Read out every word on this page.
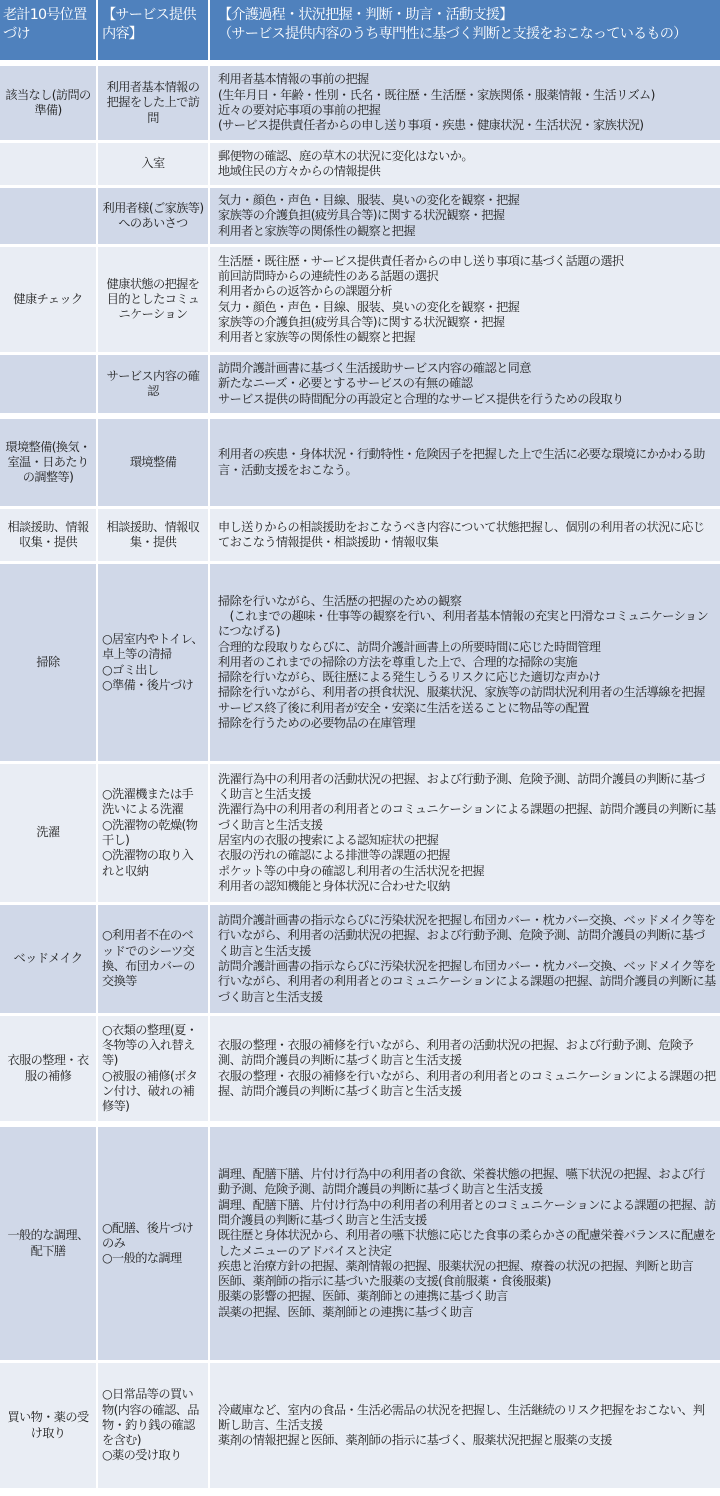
老計10号位置づけ
【サービス提供内容】
【介護過程・状況把握・判断・助言・活動支援】
（サービス提供内容のうち専門性に基づく判断と支援をおこなっているもの）
該当なし(訪問の準備)
利用者基本情報の把握をした上で訪問
利用者基本情報の事前の把握
(生年月日・年齢・性別・氏名・既往歴・生活歴・家族関係・服薬情報・生活リズム)
近々の要対応事項の事前の把握
(サービス提供責任者からの申し送り事項・疾患・健康状況・生活状況・家族状況)
入室
郵便物の確認、庭の草木の状況に変化はないか。
地域住民の方々からの情報提供
利用者様(ご家族等)へのあいさつ
気力・顔色・声色・目線、服装、臭いの変化を観察・把握
家族等の介護負担(疲労具合等)に関する状況観察・把握
利用者と家族等の関係性の観察と把握
健康チェック
健康状態の把握を目的としたコミュニケーション
生活歴・既往歴・サービス提供責任者からの申し送り事項に基づく話題の選択
前回訪問時からの連続性のある話題の選択
利用者からの返答からの課題分析
気力・顔色・声色・目線、服装、臭いの変化を観察・把握
家族等の介護負担(疲労具合等)に関する状況観察・把握
利用者と家族等の関係性の観察と把握
サービス内容の確認
訪問介護計画書に基づく生活援助サービス内容の確認と同意
新たなニーズ・必要とするサービスの有無の確認
サービス提供の時間配分の再設定と合理的なサービス提供を行うための段取り
環境整備(換気・室温・日あたりの調整等)
環境整備
利用者の疾患・身体状況・行動特性・危険因子を把握した上で生活に必要な環境にかかわる助言・活動支援をおこなう。
相談援助、情報収集・提供
相談援助、情報収集・提供
申し送りからの相談援助をおこなうべき内容について状態把握し、個別の利用者の状況に応じておこなう情報提供・相談援助・情報収集
掃除
○居室内やトイレ、卓上等の清掃
○ゴミ出し
○準備・後片づけ
掃除を行いながら、生活歴の把握のための観察
　(これまでの趣味・仕事等の観察を行い、利用者基本情報の充実と円滑なコミュニケーションにつなげる)
合理的な段取りならびに、訪問介護計画書上の所要時間に応じた時間管理
利用者のこれまでの掃除の方法を尊重した上で、合理的な掃除の実施
掃除を行いながら、既往歴による発生しうるリスクに応じた適切な声かけ
掃除を行いながら、利用者の摂食状況、服薬状況、家族等の訪問状況利用者の生活導線を把握
サービス終了後に利用者が安全・安楽に生活を送ることに物品等の配置
掃除を行うための必要物品の在庫管理
洗濯
○洗濯機または手洗いによる洗濯
○洗濯物の乾燥(物干し)
○洗濯物の取り入れと収納
洗濯行為中の利用者の活動状況の把握、および行動予測、危険予測、訪問介護員の判断に基づく助言と生活支援
洗濯行為中の利用者の利用者とのコミュニケーションによる課題の把握、訪問介護員の判断に基づく助言と生活支援
居室内の衣服の捜索による認知症状の把握
衣服の汚れの確認による排泄等の課題の把握
ポケット等の中身の確認し利用者の生活状況を把握
利用者の認知機能と身体状況に合わせた収納
ベッドメイク
○利用者不在のベッドでのシーツ交換、布団カバーの交換等
訪問介護計画書の指示ならびに汚染状況を把握し布団カバー・枕カバー交換、ベッドメイク等を行いながら、利用者の活動状況の把握、および行動予測、危険予測、訪問介護員の判断に基づく助言と生活支援
訪問介護計画書の指示ならびに汚染状況を把握し布団カバー・枕カバー交換、ベッドメイク等を行いながら、利用者の利用者とのコミュニケーションによる課題の把握、訪問介護員の判断に基づく助言と生活支援
衣服の整理・衣服の補修
○衣類の整理(夏・冬物等の入れ替え等)
○被服の補修(ボタン付け、破れの補修等)
衣服の整理・衣服の補修を行いながら、利用者の活動状況の把握、および行動予測、危険予測、訪問介護員の判断に基づく助言と生活支援
衣服の整理・衣服の補修を行いながら、利用者の利用者とのコミュニケーションによる課題の把握、訪問介護員の判断に基づく助言と生活支援
一般的な調理、配下膳
○配膳、後片づけのみ
○一般的な調理
調理、配膳下膳、片付け行為中の利用者の食欲、栄養状態の把握、嚥下状況の把握、および行動予測、危険予測、訪問介護員の判断に基づく助言と生活支援
調理、配膳下膳、片付け行為中の利用者の利用者とのコミュニケーションによる課題の把握、訪問介護員の判断に基づく助言と生活支援
既往歴と身体状況から、利用者の嚥下状態に応じた食事の柔らかさの配慮栄養バランスに配慮をしたメニューのアドバイスと決定
疾患と治療方針の把握、薬剤情報の把握、服薬状況の把握、療養の状況の把握、判断と助言
医師、薬剤師の指示に基づいた服薬の支援(食前服薬・食後服薬)
服薬の影響の把握、医師、薬剤師との連携に基づく助言
誤薬の把握、医師、薬剤師との連携に基づく助言
買い物・薬の受け取り
○日常品等の買い物(内容の確認、品物・釣り銭の確認を含む)
○薬の受け取り
冷蔵庫など、室内の食品・生活必需品の状況を把握し、生活継続のリスク把握をおこない、判断し助言、生活支援
薬剤の情報把握と医師、薬剤師の指示に基づく、服薬状況把握と服薬の支援
